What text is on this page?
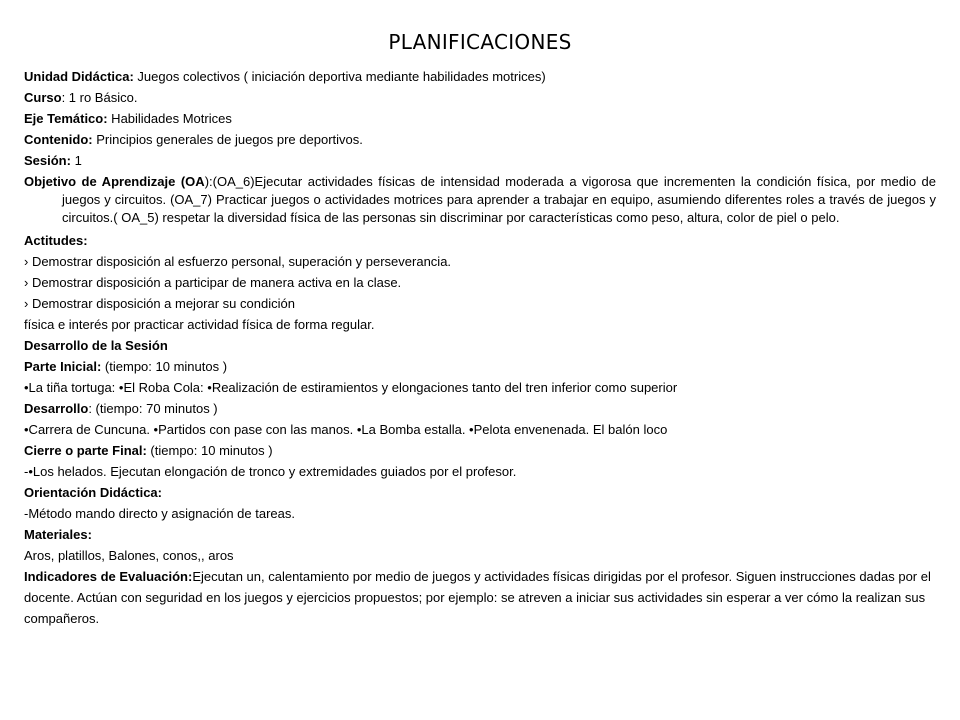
PLANIFICACIONES

Unidad Didáctica: Juegos colectivos ( iniciación deportiva mediante habilidades motrices)

Curso: 1 ro Básico.

Eje Temático: Habilidades Motrices

Contenido: Principios generales de juegos pre deportivos.

Sesión: 1

Objetivo de Aprendizaje (OA):(OA_6)Ejecutar actividades físicas de intensidad moderada a vigorosa que incrementen la condición física, por medio de juegos y circuitos. (OA_7) Practicar juegos o actividades motrices para aprender a trabajar en equipo, asumiendo diferentes roles a través de juegos y circuitos.( OA_5) respetar la diversidad física de las personas sin discriminar por características como peso, altura, color de piel o pelo.

Actitudes:

› Demostrar disposición al esfuerzo personal, superación y perseverancia.

› Demostrar disposición a participar de manera activa en la clase.

› Demostrar disposición a mejorar su condición

física e interés por practicar actividad física de forma regular.

Desarrollo de la Sesión

Parte Inicial: (tiempo: 10 minutos )

•La tiña tortuga: •El Roba Cola: •Realización de estiramientos y elongaciones tanto del tren inferior como superior

Desarrollo: (tiempo: 70 minutos )

•Carrera de Cuncuna. •Partidos con pase con las manos. •La Bomba estalla. •Pelota envenenada. El balón loco

Cierre o parte Final: (tiempo: 10 minutos )

-•Los helados. Ejecutan elongación de tronco y extremidades guiados por el profesor.

Orientación Didáctica:

-Método mando directo y asignación de tareas.

Materiales:

Aros, platillos, Balones, conos,, aros

Indicadores de Evaluación:Ejecutan un, calentamiento por medio de juegos y actividades físicas dirigidas por el profesor. Siguen instrucciones dadas por el docente. Actúan con seguridad en los juegos y ejercicios propuestos; por ejemplo: se atreven a iniciar sus actividades sin esperar a ver cómo la realizan sus compañeros.
